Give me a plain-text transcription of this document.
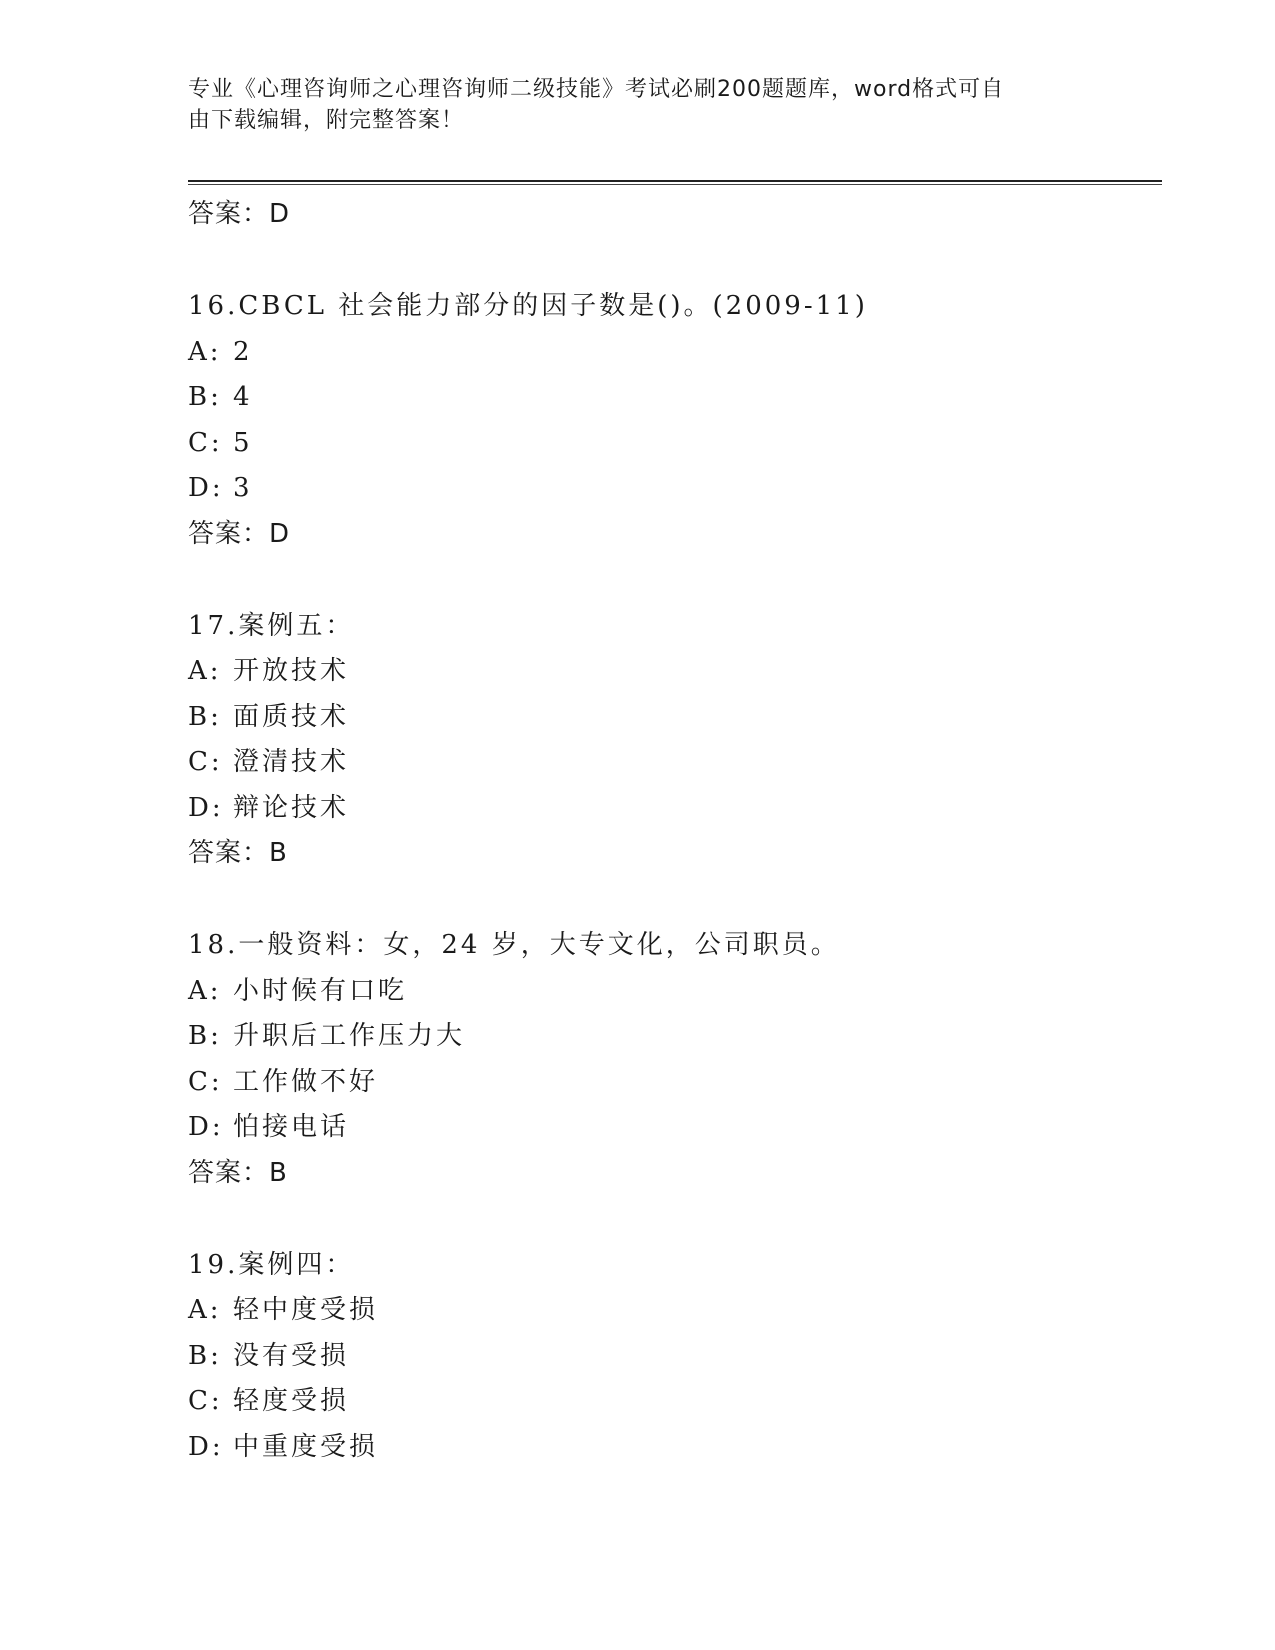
专业《心理咨询师之心理咨询师二级技能》考试必刷200题题库，word格式可自
由下载编辑，附完整答案！
答案：D
16.CBCL 社会能力部分的因子数是()。(2009-11)
A: 2
B: 4
C: 5
D: 3
答案：D
17.案例五：
A: 开放技术
B: 面质技术
C: 澄清技术
D: 辩论技术
答案：B
18.一般资料：女，24 岁，大专文化，公司职员。
A: 小时候有口吃
B: 升职后工作压力大
C: 工作做不好
D: 怕接电话
答案：B
19.案例四：
A: 轻中度受损
B: 没有受损
C: 轻度受损
D: 中重度受损
